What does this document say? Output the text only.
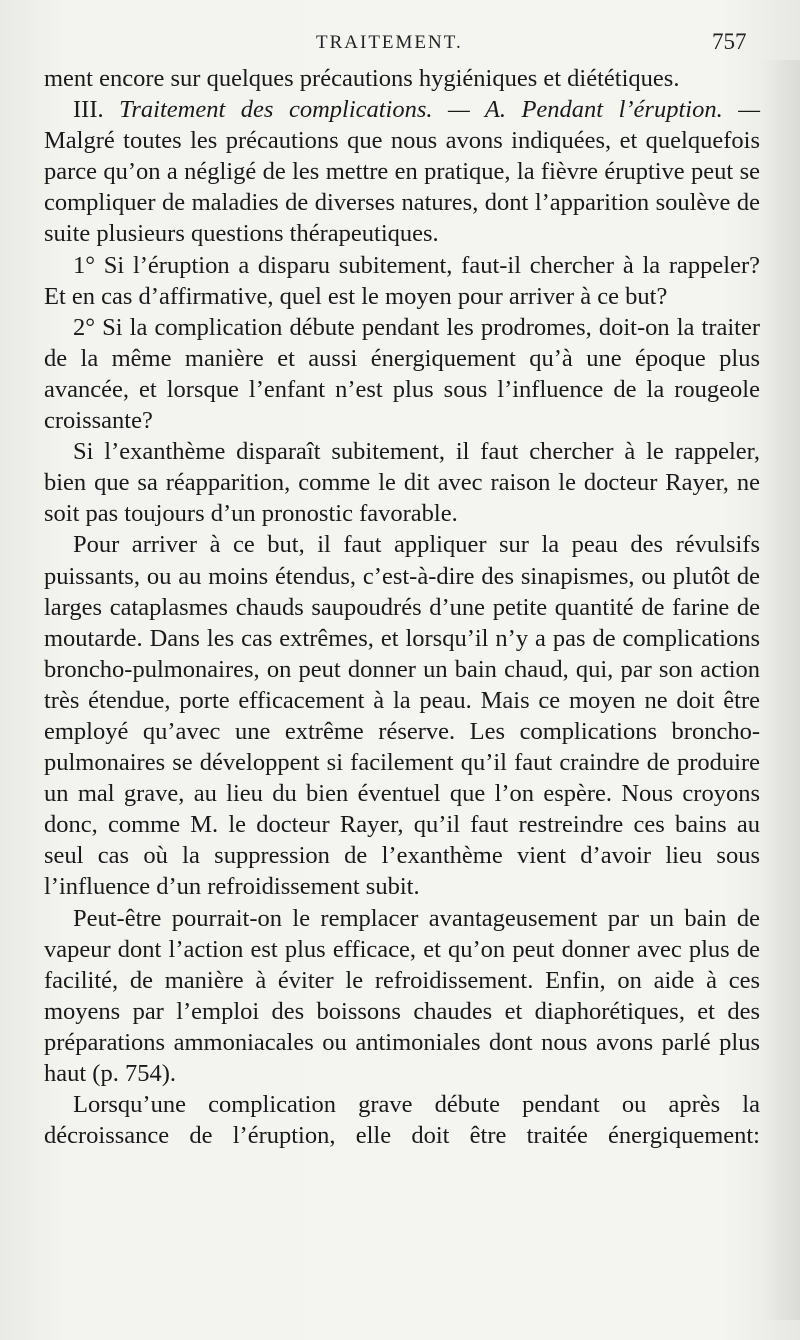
TRAITEMENT.	757

ment encore sur quelques précautions hygiéniques et diététiques.

III. Traitement des complications. — A. Pendant l’éruption. — Malgré toutes les précautions que nous avons indiquées, et quelquefois parce qu’on a négligé de les mettre en pratique, la fièvre éruptive peut se compliquer de maladies de diverses natures, dont l’apparition soulève de suite plusieurs questions thérapeutiques.

1° Si l’éruption a disparu subitement, faut-il chercher à la rappeler? Et en cas d’affirmative, quel est le moyen pour arriver à ce but?

2° Si la complication débute pendant les prodromes, doit-on la traiter de la même manière et aussi énergiquement qu’à une époque plus avancée, et lorsque l’enfant n’est plus sous l’influence de la rougeole croissante?

Si l’exanthème disparaît subitement, il faut chercher à le rappeler, bien que sa réapparition, comme le dit avec raison le docteur Rayer, ne soit pas toujours d’un pronostic favorable.

Pour arriver à ce but, il faut appliquer sur la peau des révulsifs puissants, ou au moins étendus, c’est-à-dire des sinapismes, ou plutôt de larges cataplasmes chauds saupoudrés d’une petite quantité de farine de moutarde. Dans les cas extrêmes, et lorsqu’il n’y a pas de complications broncho-pulmonaires, on peut donner un bain chaud, qui, par son action très étendue, porte efficacement à la peau. Mais ce moyen ne doit être employé qu’avec une extrême réserve. Les complications broncho-pulmonaires se développent si facilement qu’il faut craindre de produire un mal grave, au lieu du bien éventuel que l’on espère. Nous croyons donc, comme M. le docteur Rayer, qu’il faut restreindre ces bains au seul cas où la suppression de l’exanthème vient d’avoir lieu sous l’influence d’un refroidissement subit.

Peut-être pourrait-on le remplacer avantageusement par un bain de vapeur dont l’action est plus efficace, et qu’on peut donner avec plus de facilité, de manière à éviter le refroidissement. Enfin, on aide à ces moyens par l’emploi des boissons chaudes et diaphorétiques, et des préparations ammoniacales ou antimoniales dont nous avons parlé plus haut (p. 754).

Lorsqu’une complication grave débute pendant ou après la décroissance de l’éruption, elle doit être traitée énergiquement:
